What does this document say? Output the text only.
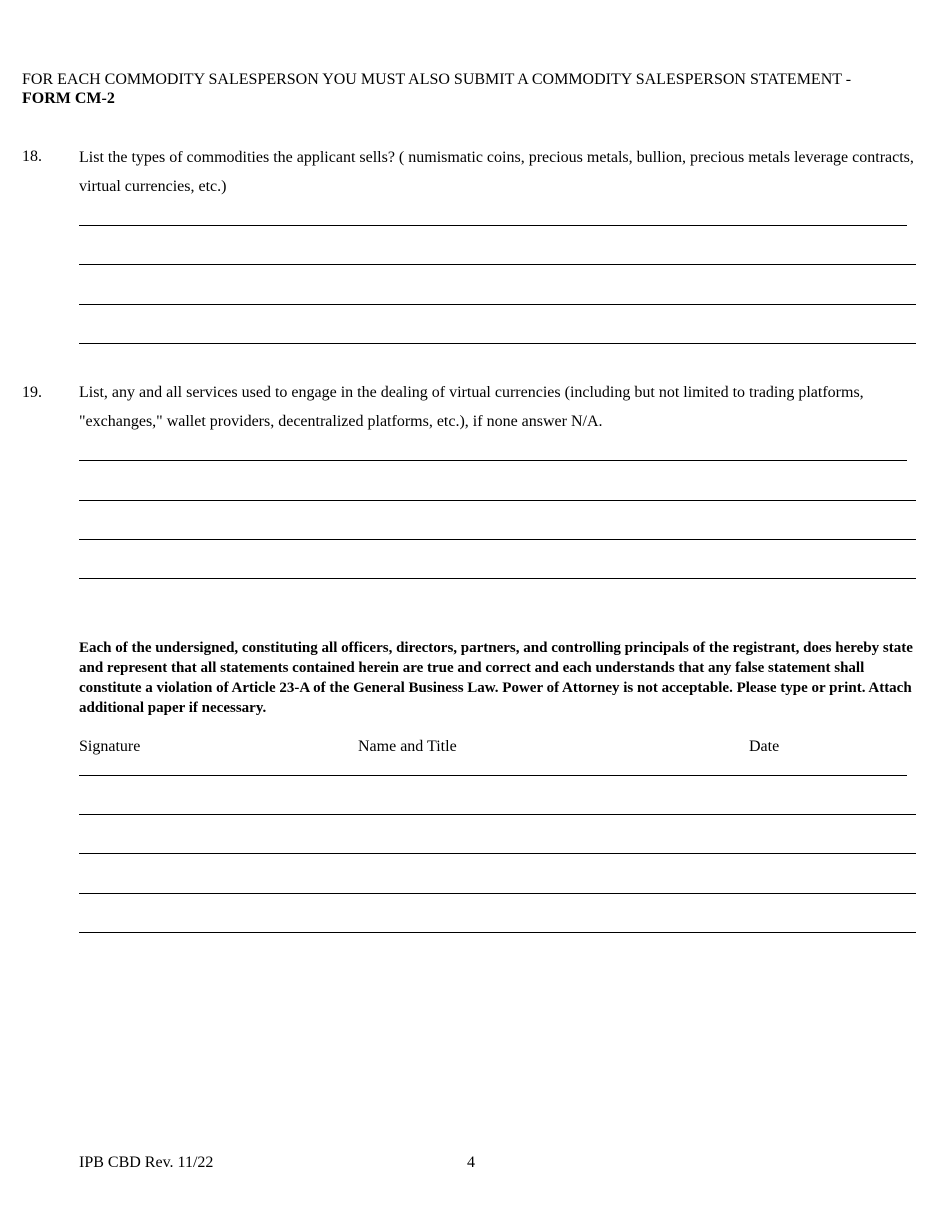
FOR EACH COMMODITY SALESPERSON YOU MUST ALSO SUBMIT A COMMODITY SALESPERSON STATEMENT -
FORM CM-2
18. List the types of commodities the applicant sells? ( numismatic coins, precious metals, bullion, precious metals leverage contracts, virtual currencies, etc.)
19. List, any and all services used to engage in the dealing of virtual currencies (including but not limited to trading platforms, "exchanges," wallet providers, decentralized platforms, etc.), if none answer N/A.
Each of the undersigned, constituting all officers, directors, partners, and controlling principals of the registrant, does hereby state and represent that all statements contained herein are true and correct and each understands that any false statement shall constitute a violation of Article 23-A of the General Business Law. Power of Attorney is not acceptable. Please type or print. Attach additional paper if necessary.
Signature	Name and Title	Date
IPB CBD Rev. 11/22	4
